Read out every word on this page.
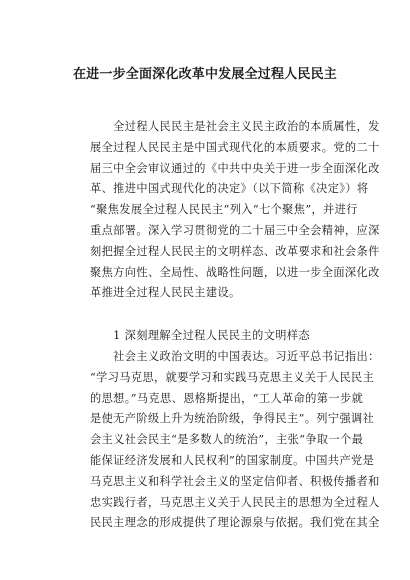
在进一步全面深化改革中发展全过程人民民主
　　全过程人民民主是社会主义民主政治的本质属性，发
展全过程人民民主是中国式现代化的本质要求。党的二十
届三中全会审议通过的《中共中央关于进一步全面深化改
革、推进中国式现代化的决定》（以下简称《决定》）将
“聚焦发展全过程人民民主”列入“七个聚焦”，并进行
重点部署。深入学习贯彻党的二十届三中全会精神，应深
刻把握全过程人民民主的文明样态、改革要求和社会条件
聚焦方向性、全局性、战略性问题，以进一步全面深化改
革推进全过程人民民主建设。
　　1 深刻理解全过程人民民主的文明样态
　　社会主义政治文明的中国表达。习近平总书记指出：
“学习马克思，就要学习和实践马克思主义关于人民民主
的思想。”马克思、恩格斯提出，“工人革命的第一步就
是使无产阶级上升为统治阶级，争得民主”。列宁强调社
会主义社会民主“是多数人的统治”，主张“争取一个最
能保证经济发展和人民权利”的国家制度。中国共产党是
马克思主义和科学社会主义的坚定信仰者、积极传播者和
忠实践行者，马克思主义关于人民民主的思想为全过程人
民民主理念的形成提供了理论源泉与依据。我们党在其全
